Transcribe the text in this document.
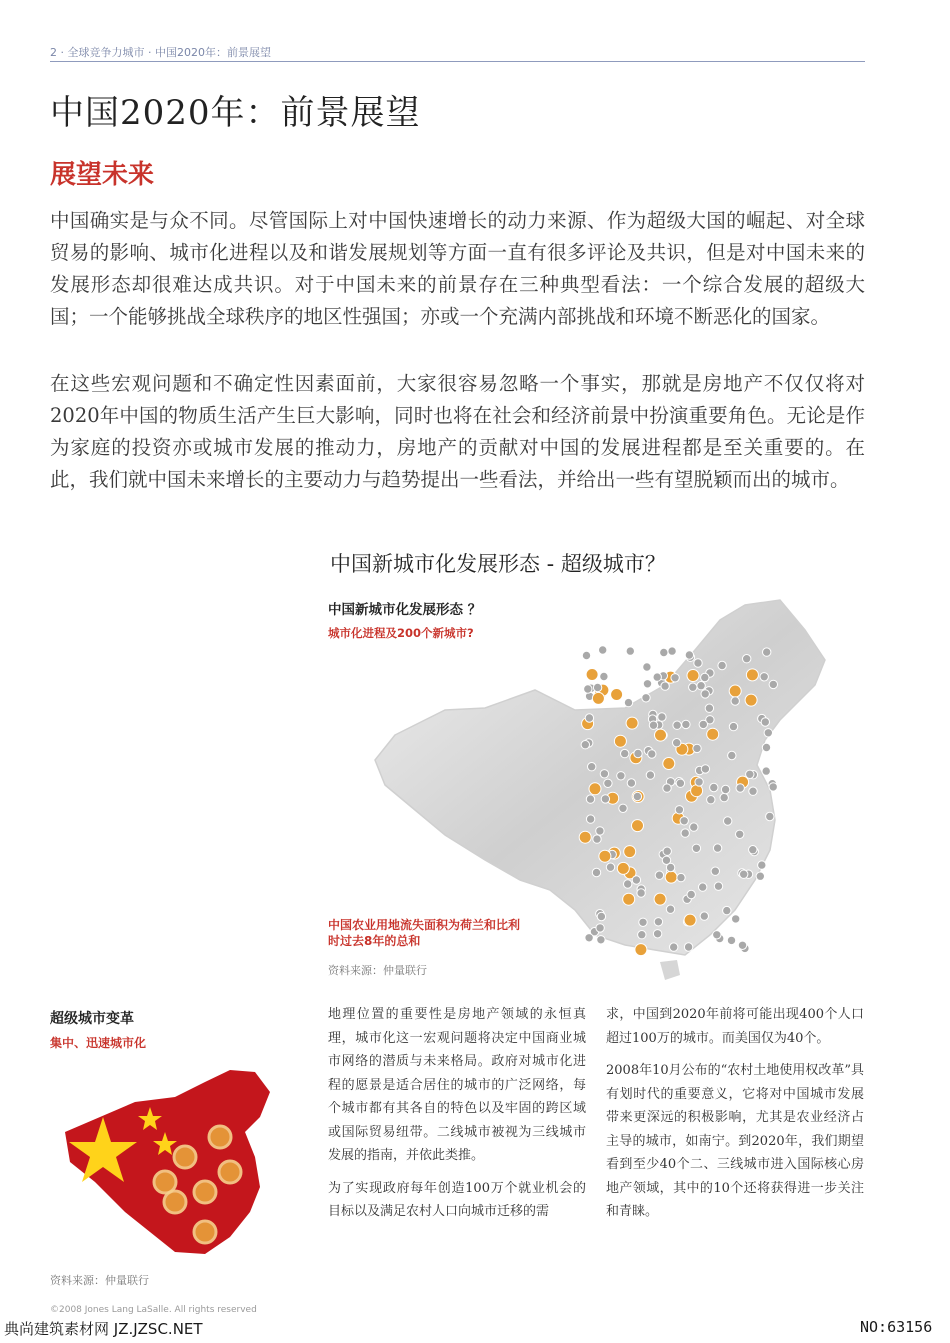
2 · 全球竞争力城市 · 中国2020年：前景展望
中国2020年：前景展望
展望未来
中国确实是与众不同。尽管国际上对中国快速增长的动力来源、作为超级大国的崛起、对全球贸易的影响、城市化进程以及和谐发展规划等方面一直有很多评论及共识，但是对中国未来的发展形态却很难达成共识。对于中国未来的前景存在三种典型看法：一个综合发展的超级大国；一个能够挑战全球秩序的地区性强国；亦或一个充满内部挑战和环境不断恶化的国家。
在这些宏观问题和不确定性因素面前，大家很容易忽略一个事实，那就是房地产不仅仅将对2020年中国的物质生活产生巨大影响，同时也将在社会和经济前景中扮演重要角色。无论是作为家庭的投资亦或城市发展的推动力，房地产的贡献对中国的发展进程都是至关重要的。在此，我们就中国未来增长的主要动力与趋势提出一些看法，并给出一些有望脱颖而出的城市。
中国新城市化发展形态 - 超级城市？
中国新城市化发展形态 ？
城市化进程及200个新城市?
中国农业用地流失面积为荷兰和比利时过去8年的总和
资料来源：仲量联行
超级城市变革
集中、迅速城市化
资料来源：仲量联行

地理位置的重要性是房地产领域的永恒真理，城市化这一宏观问题将决定中国商业城市网络的潜质与未来格局。政府对城市化进程的愿景是适合居住的城市的广泛网络，每个城市都有其各自的特色以及牢固的跨区域或国际贸易纽带。二线城市被视为三线城市发展的指南，并依此类推。

为了实现政府每年创造100万个就业机会的目标以及满足农村人口向城市迁移的需

求，中国到2020年前将可能出现400个人口超过100万的城市。而美国仅为40个。

2008年10月公布的“农村土地使用权改革”具有划时代的重要意义，它将对中国城市发展带来更深远的积极影响，尤其是农业经济占主导的城市，如南宁。到2020年，我们期望看到至少40个二、三线城市进入国际核心房地产领域，其中的10个还将获得进一步关注和青睐。

©2008 Jones Lang LaSalle. All rights reserved
典尚建筑素材网 JZ.JZSC.NET	NO:63156
